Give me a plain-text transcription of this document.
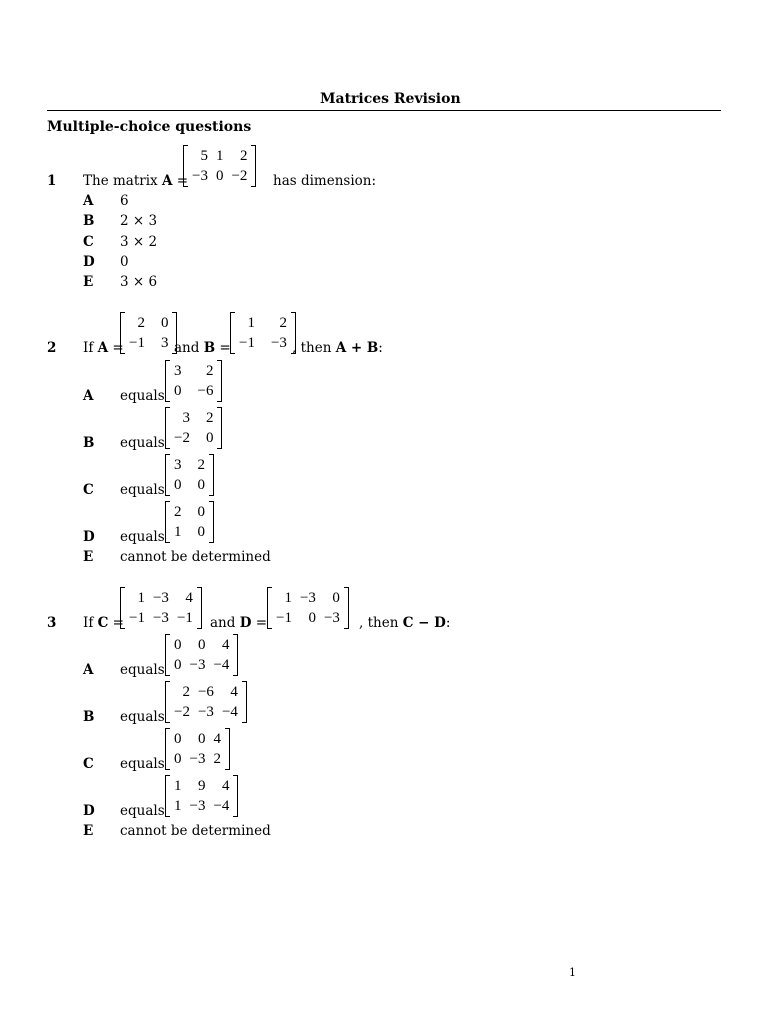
Matrices Revision
Multiple-choice questions
1 The matrix A =
5	1	2
−3	0	−2 has dimension:
A 6
B 2 × 3
C 3 × 2
D 0
E 3 × 6
2 If A =
2	0
−1	3 and B =
1	2
−1	−3 , then A + B:
A equals
3	2
0	−6
B equals
3	2
−2	0
C equals
3	2
0	0
D equals
2	0
1	0
E cannot be determined
3 If C =
1	−3	4
−1	−3	−1 and D =
1	−3	0
−1	0	−3 , then C − D:
A equals
0	0	4
0	−3	−4
B equals
2	−6	4
−2	−3	−4
C equals
0	0	4
0	−3	2
D equals
1	9	4
1	−3	−4
E cannot be determined
1
